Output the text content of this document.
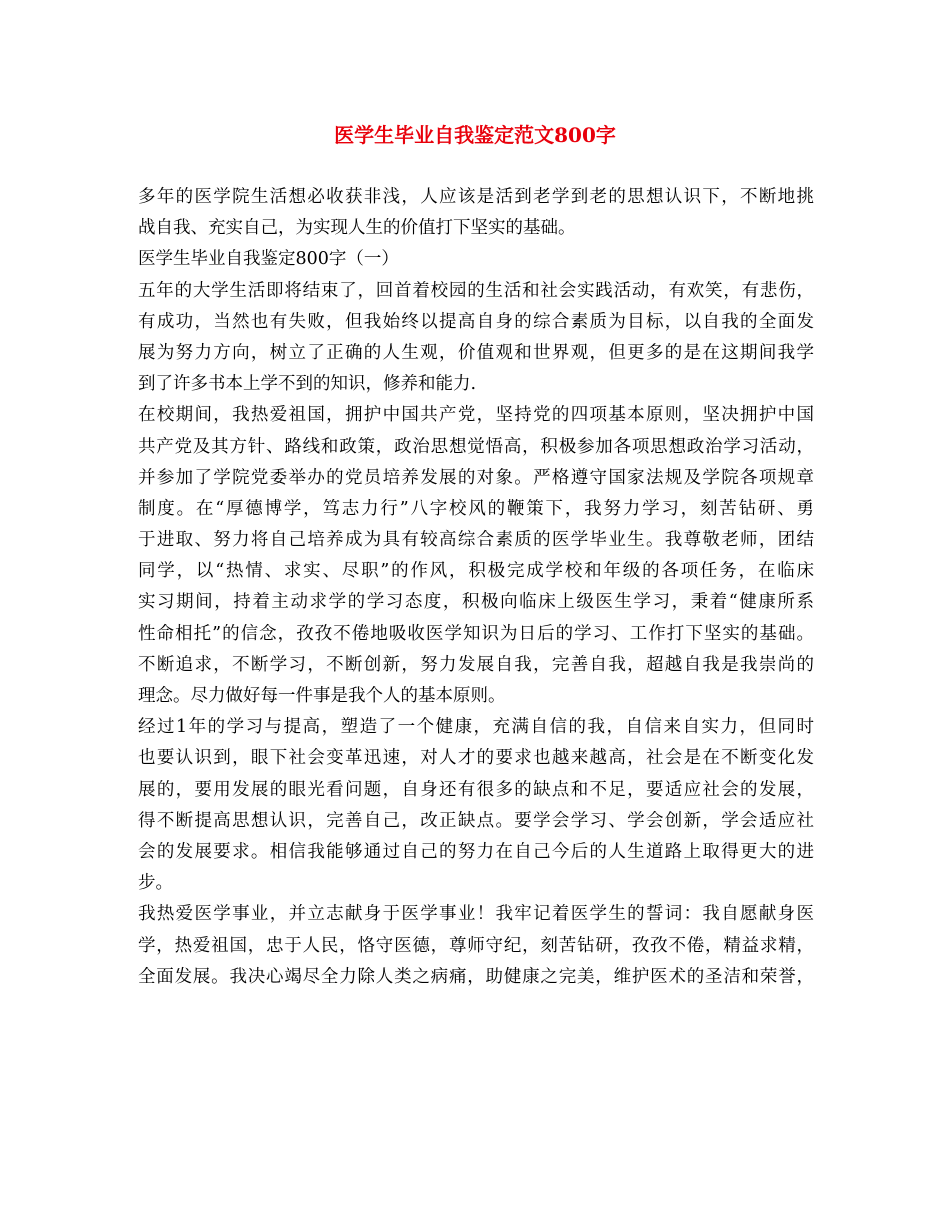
医学生毕业自我鉴定范文800字
多年的医学院生活想必收获非浅，人应该是活到老学到老的思想认识下，不断地挑
战自我、充实自己，为实现人生的价值打下坚实的基础。
医学生毕业自我鉴定800字（一）
五年的大学生活即将结束了，回首着校园的生活和社会实践活动，有欢笑，有悲伤，
有成功，当然也有失败，但我始终以提高自身的综合素质为目标，以自我的全面发
展为努力方向，树立了正确的人生观，价值观和世界观，但更多的是在这期间我学
到了许多书本上学不到的知识，修养和能力.
在校期间，我热爱祖国，拥护中国共产党，坚持党的四项基本原则，坚决拥护中国
共产党及其方针、路线和政策，政治思想觉悟高，积极参加各项思想政治学习活动，
并参加了学院党委举办的党员培养发展的对象。严格遵守国家法规及学院各项规章
制度。在“厚德博学，笃志力行”八字校风的鞭策下，我努力学习，刻苦钻研、勇
于进取、努力将自己培养成为具有较高综合素质的医学毕业生。我尊敬老师，团结
同学，以“热情、求实、尽职”的作风，积极完成学校和年级的各项任务，在临床
实习期间，持着主动求学的学习态度，积极向临床上级医生学习，秉着“健康所系
性命相托”的信念，孜孜不倦地吸收医学知识为日后的学习、工作打下坚实的基础。
不断追求，不断学习，不断创新，努力发展自我，完善自我，超越自我是我崇尚的
理念。尽力做好每一件事是我个人的基本原则。
经过1年的学习与提高，塑造了一个健康，充满自信的我，自信来自实力，但同时
也要认识到，眼下社会变革迅速，对人才的要求也越来越高，社会是在不断变化发
展的，要用发展的眼光看问题，自身还有很多的缺点和不足，要适应社会的发展，
得不断提高思想认识，完善自己，改正缺点。要学会学习、学会创新，学会适应社
会的发展要求。相信我能够通过自己的努力在自己今后的人生道路上取得更大的进
步。
我热爱医学事业，并立志献身于医学事业！我牢记着医学生的誓词：我自愿献身医
学，热爱祖国，忠于人民，恪守医德，尊师守纪，刻苦钻研，孜孜不倦，精益求精，
全面发展。我决心竭尽全力除人类之病痛，助健康之完美，维护医术的圣洁和荣誉，
